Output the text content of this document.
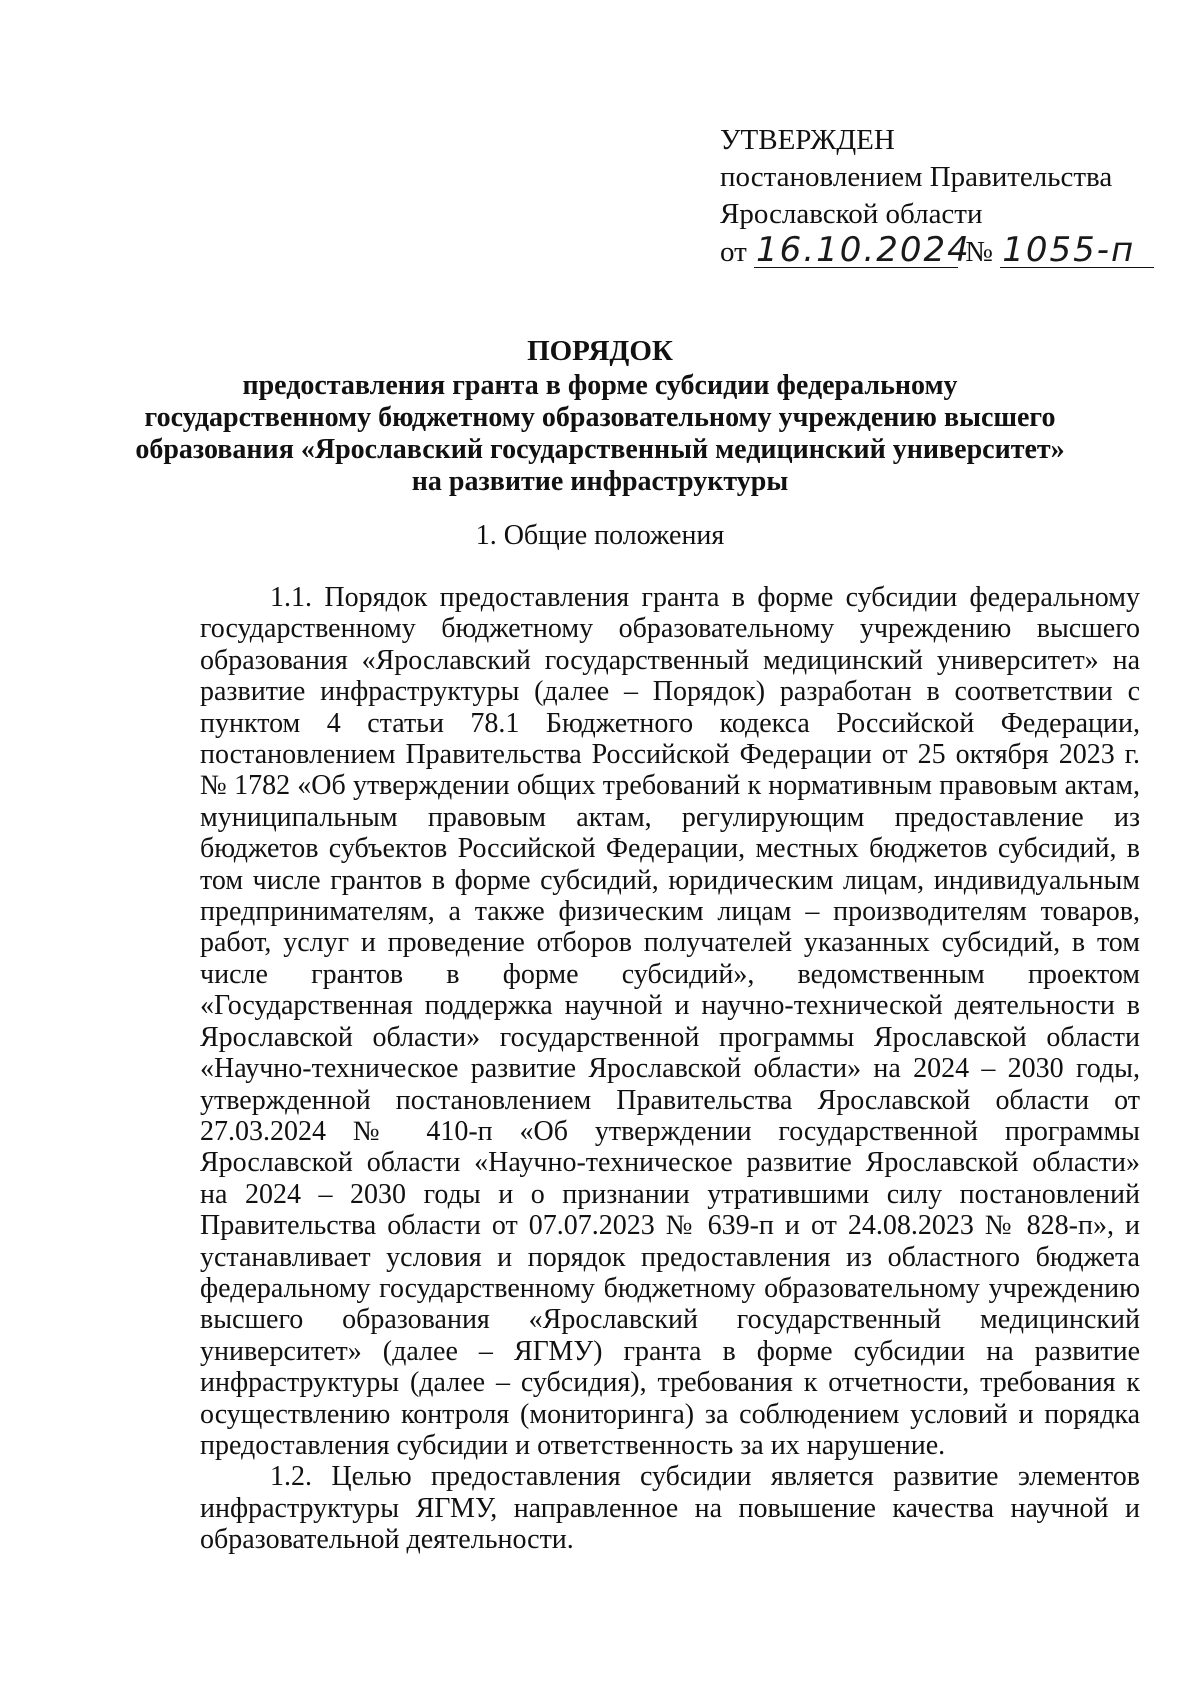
УТВЕРЖДЕН
постановлением Правительства
Ярославской области
от 16.10.2024 № 1055-п
ПОРЯДОК
предоставления гранта в форме субсидии федеральному
государственному бюджетному образовательному учреждению высшего
образования «Ярославский государственный медицинский университет»
на развитие инфраструктуры
1. Общие положения

1.1. Порядок предоставления гранта в форме субсидии федеральному государственному бюджетному образовательному учреждению высшего образования «Ярославский государственный медицинский университет» на развитие инфраструктуры (далее – Порядок) разработан в соответствии с пунктом 4 статьи 78.1 Бюджетного кодекса Российской Федерации, постановлением Правительства Российской Федерации от 25 октября 2023 г. № 1782 «Об утверждении общих требований к нормативным правовым актам, муниципальным правовым актам, регулирующим предоставление из бюджетов субъектов Российской Федерации, местных бюджетов субсидий, в том числе грантов в форме субсидий, юридическим лицам, индивидуальным предпринимателям, а также физическим лицам – производителям товаров, работ, услуг и проведение отборов получателей указанных субсидий, в том числе грантов в форме субсидий», ведомственным проектом «Государственная поддержка научной и научно-технической деятельности в Ярославской области» государственной программы Ярославской области «Научно-техническое развитие Ярославской области» на 2024 – 2030 годы, утвержденной постановлением Правительства Ярославской области от 27.03.2024 № 410-п «Об утверждении государственной программы Ярославской области «Научно-техническое развитие Ярославской области» на 2024 – 2030 годы и о признании утратившими силу постановлений Правительства области от 07.07.2023 № 639-п и от 24.08.2023 № 828-п», и устанавливает условия и порядок предоставления из областного бюджета федеральному государственному бюджетному образовательному учреждению высшего образования «Ярославский государственный медицинский университет» (далее – ЯГМУ) гранта в форме субсидии на развитие инфраструктуры (далее – субсидия), требования к отчетности, требования к осуществлению контроля (мониторинга) за соблюдением условий и порядка предоставления субсидии и ответственность за их нарушение.

1.2. Целью предоставления субсидии является развитие элементов инфраструктуры ЯГМУ, направленное на повышение качества научной и образовательной деятельности.
